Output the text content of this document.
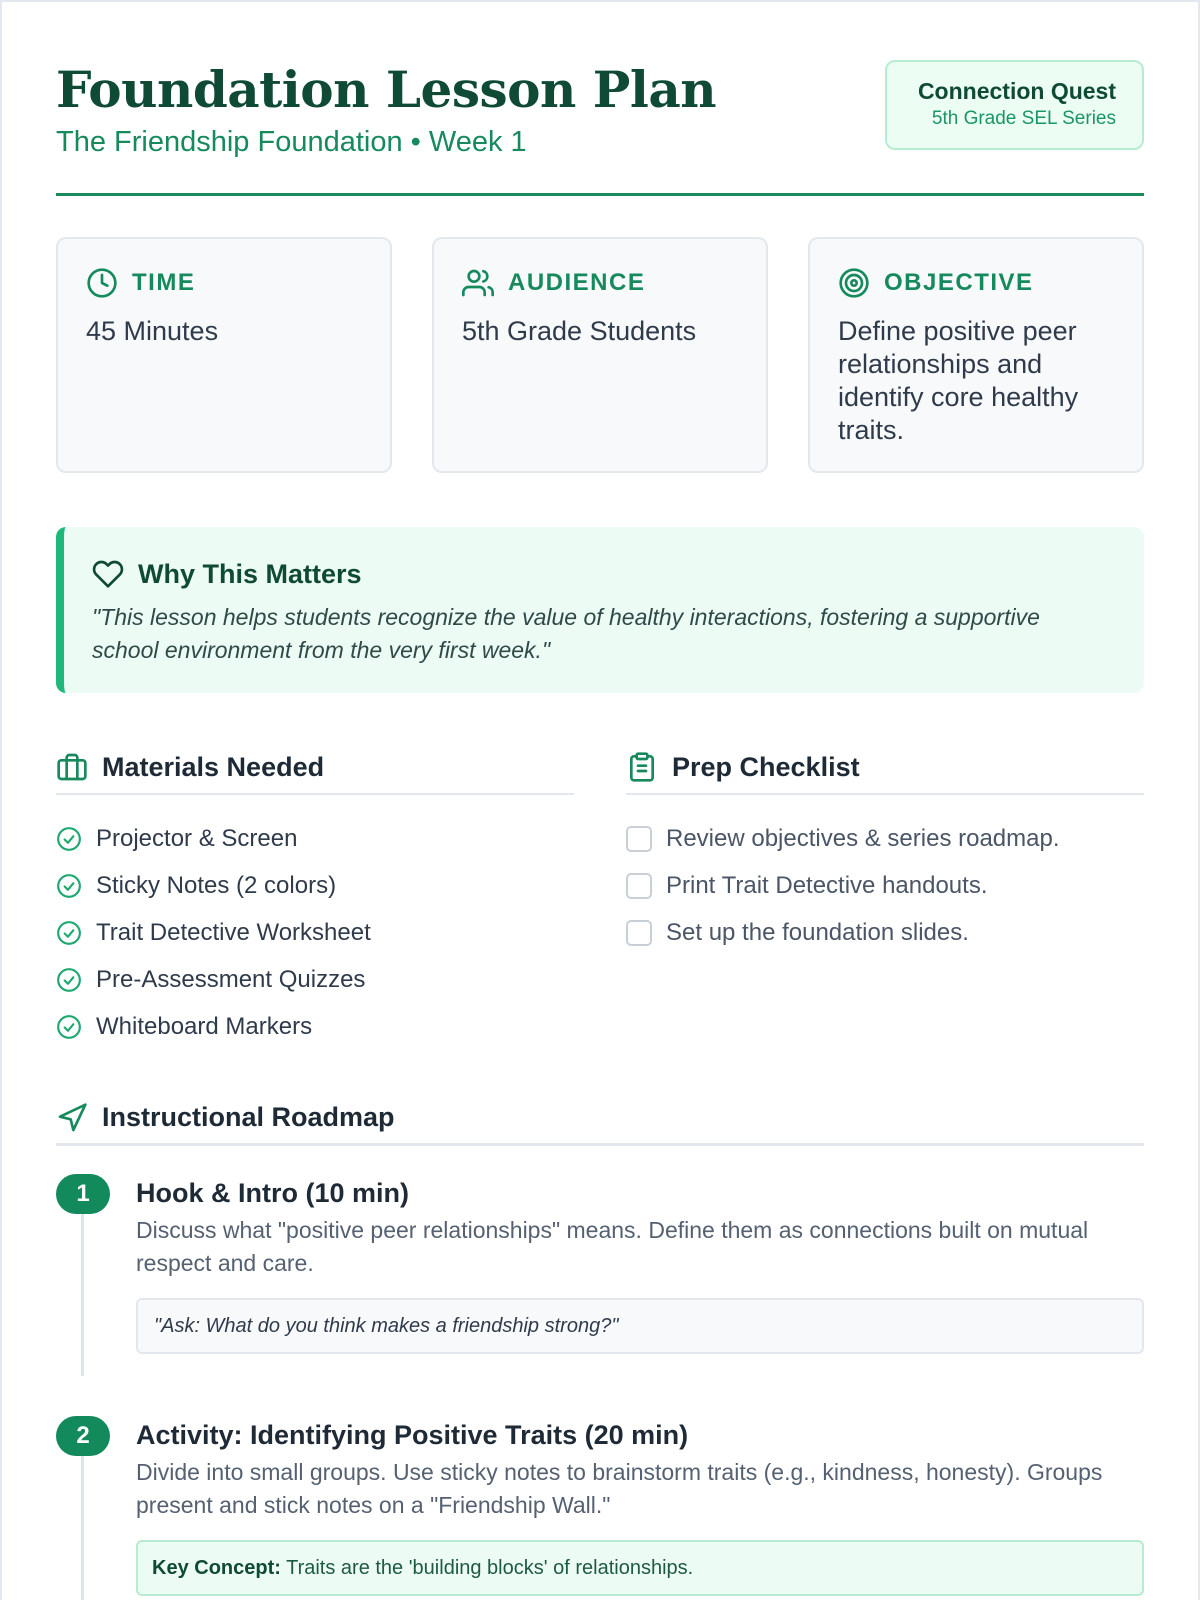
Foundation Lesson Plan
The Friendship Foundation • Week 1
Connection Quest
5th Grade SEL Series
TIME
45 Minutes
AUDIENCE
5th Grade Students
OBJECTIVE
Define positive peer relationships and identify core healthy traits.
Why This Matters

"This lesson helps students recognize the value of healthy interactions, fostering a supportive school environment from the very first week."

Materials Needed
Projector & Screen
Sticky Notes (2 colors)
Trait Detective Worksheet
Pre-Assessment Quizzes
Whiteboard Markers
Prep Checklist
Review objectives & series roadmap.
Print Trait Detective handouts.
Set up the foundation slides.
Instructional Roadmap
1	Hook & Intro (10 min)

Discuss what "positive peer relationships" means. Define them as connections built on mutual respect and care.

"Ask: What do you think makes a friendship strong?"
2	Activity: Identifying Positive Traits (20 min)

Divide into small groups. Use sticky notes to brainstorm traits (e.g., kindness, honesty). Groups present and stick notes on a "Friendship Wall."

Key Concept: Traits are the 'building blocks' of relationships.
